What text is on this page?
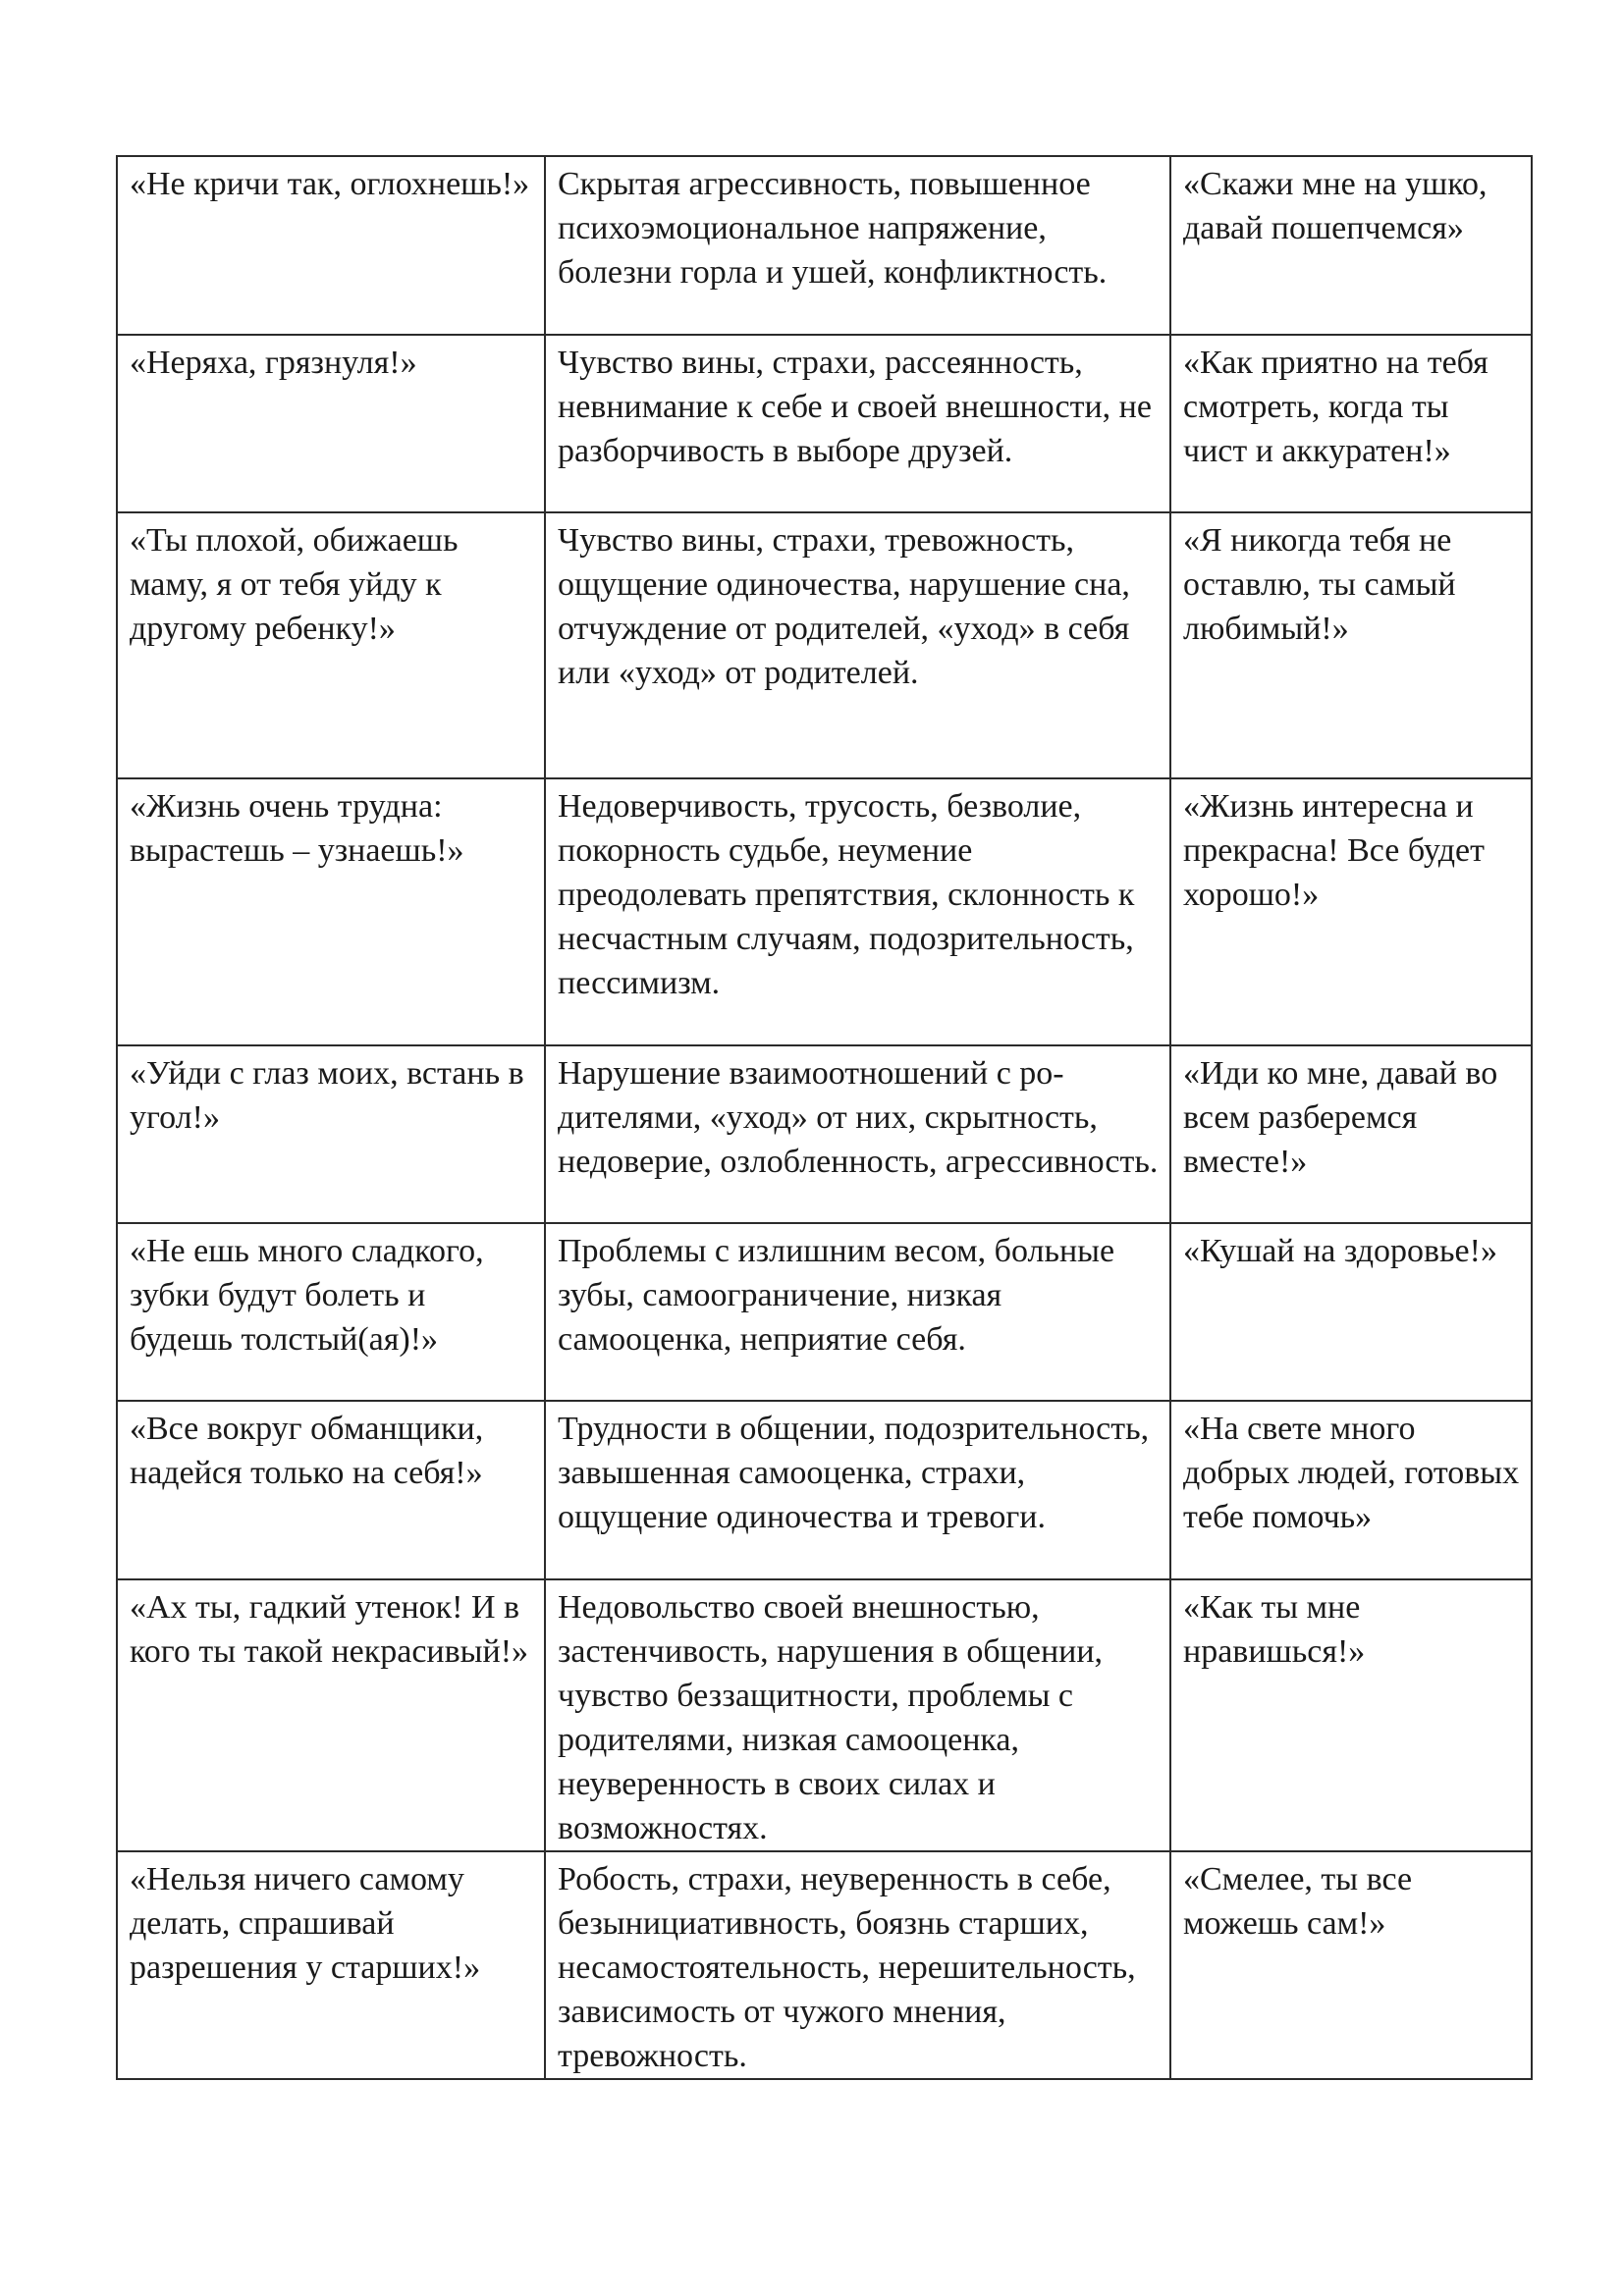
«Не кричи так, оглохнешь!»	Скрытая агрессивность, повышенное психоэмоциональное напряжение, болезни горла и ушей, конфликтность.	«Скажи мне на ушко, давай пошепчемся»
«Неряха, грязнуля!»	Чувство вины, страхи, рассеянность, невнимание к себе и своей внешности, не разборчивость в выборе друзей.	«Как приятно на тебя смотреть, когда ты чист и аккуратен!»
«Ты плохой, обижаешь маму, я от тебя уйду к другому ребенку!»	Чувство вины, страхи, тревожность, ощущение одиночества, нарушение сна, отчуждение от родителей, «уход» в себя или «уход» от родителей.	«Я никогда тебя не оставлю, ты самый любимый!»
«Жизнь очень трудна: вырастешь – узнаешь!»	Недоверчивость, трусость, безволие, покорность судьбе, неумение преодолевать препятствия, склонность к несчастным случаям, подозрительность, пессимизм.	«Жизнь интересна и прекрасна! Все будет хорошо!»
«Уйди с глаз моих, встань в угол!»	Нарушение взаимоотношений с ро-дителями, «уход» от них, скрытность, недоверие, озлобленность, агрессивность.	«Иди ко мне, давай во всем разберемся вместе!»
«Не ешь много сладкого, зубки будут болеть и будешь толстый(ая)!»	Проблемы с излишним весом, больные зубы, самоограничение, низкая самооценка, неприятие себя.	«Кушай на здоровье!»
«Все вокруг обманщики, надейся только на себя!»	Трудности в общении, подозрительность, завышенная самооценка, страхи, ощущение одиночества и тревоги.	«На свете много добрых людей, готовых тебе помочь»
«Ах ты, гадкий утенок! И в кого ты такой некрасивый!»	Недовольство своей внешностью, застенчивость, нарушения в общении, чувство беззащитности, проблемы с родителями, низкая самооценка, неуверенность в своих силах и возможностях.	«Как ты мне нравишься!»
«Нельзя ничего самому делать, спрашивай разрешения у старших!»	Робость, страхи, неуверенность в себе, безынициативность, боязнь старших, несамостоятельность, нерешительность, зависимость от чужого мнения, тревожность.	«Смелее, ты все можешь сам!»
